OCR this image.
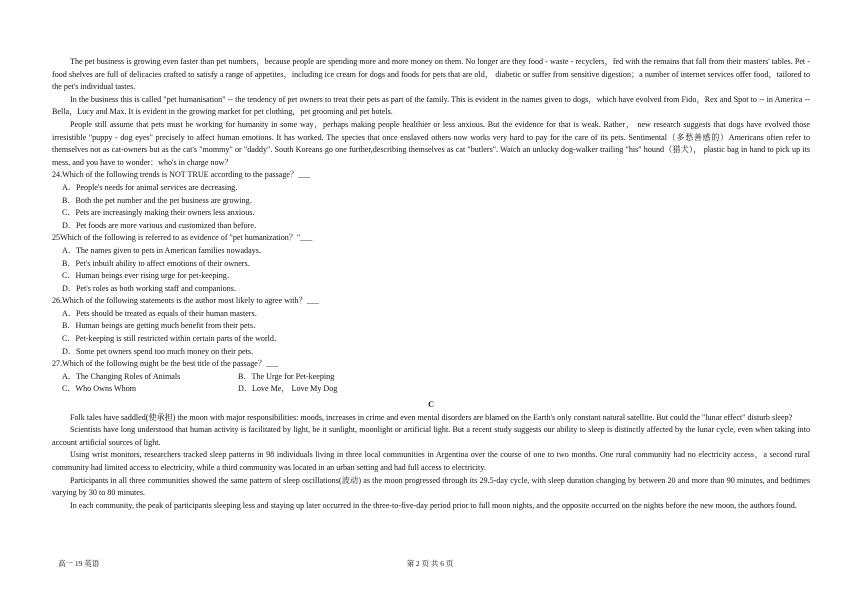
The pet business is growing even faster than pet numbers，because people are spending more and more money on them. No longer are they food - waste - recyclers，fed with the remains that fall from their masters' tables. Pet - food shelves are full of delicacies crafted to satisfy a range of appetites，including ice cream for dogs and foods for pets that are old， diabetic or suffer from sensitive digestion；a number of internet services offer food，tailored to the pet's individual tastes.

In the business this is called "pet humanisation" -- the tendency of pet owners to treat their pets as part of the family. This is evident in the names given to dogs，which have evolved from Fido，Rex and Spot to -- in America -- Bella，Lucy and Max. It is evident in the growing market for pet clothing，pet grooming and pet hotels.

People still assume that pets must be working for humanity in some way，perhaps making people healthier or less anxious. But the evidence for that is weak. Rather， new research suggests that dogs have evolved those irresistible "puppy - dog eyes" precisely to affect human emotions. It has worked. The species that once enslaved others now works very hard to pay for the care of its pets. Sentimental（多愁善感的）Americans often refer to themselves not as cat-owners but as the cat's "mommy" or "daddy". South Koreans go one further,describing themselves as cat "butlers". Watch an unlucky dog-walker trailing "his" hound（猎犬）， plastic bag in hand to pick up its mess, and you have to wonder：who's in charge now？

24.Which of the following trends is NOT TRUE according to the passage？___

A．People's needs for animal services are decreasing．

B．Both the pet number and the pet business are growing．

C．Pets are increasingly making their owners less anxious．

D．Pet foods are more various and customized than before．

25Which of the following is referred to as evidence of "pet humanization？"___

A．The names given to pets in American families nowadays．

B．Pet's inbuilt ability to affect emotions of their owners．

C．Human beings ever rising urge for pet-keeping．

D．Pet's roles as both working staff and companions．

26.Which of the following statements is the author most likely to agree with？___

A．Pets should be treated as equals of their human masters．

B．Human beings are getting much benefit from their pets．

C．Pet-keeping is still restricted within certain parts of the world．

D．Some pet owners spend too much money on their pets．

27.Which of the following might be the best title of the passage？___

A．The Changing Roles of Animals	B．The Urge for Pet-keeping
C．Who Owns Whom	D．Love Me， Love My Dog

C

Folk tales have saddled(使承担) the moon with major responsibilities: moods, increases in crime and even mental disorders are blamed on the Earth's only constant natural satellite. But could the "lunar effect" disturb sleep?

Scientists have long understood that human activity is facilitated by light, be it sunlight, moonlight or artificial light. But a recent study suggests our ability to sleep is distinctly affected by the lunar cycle, even when taking into account artificial sources of light.

Using wrist monitors, researchers tracked sleep patterns in 98 individuals living in three local communities in Argentina over the course of one to two months. One rural community had no electricity access，a second rural community had limited access to electricity, while a third community was located in an urban setting and had full access to electricity.

Participants in all three communities showed the same pattern of sleep oscillations(波动) as the moon progressed through its 29.5-day cycle, with sleep duration changing by between 20 and more than 90 minutes, and bedtimes varying by 30 to 80 minutes.

In each community, the peak of participants sleeping less and staying up later occurred in the three-to-five-day period prior to full moon nights, and the opposite occurred on the nights before the new moon, the authors found.

第 2 页 共 6 页
高一 19 英语
